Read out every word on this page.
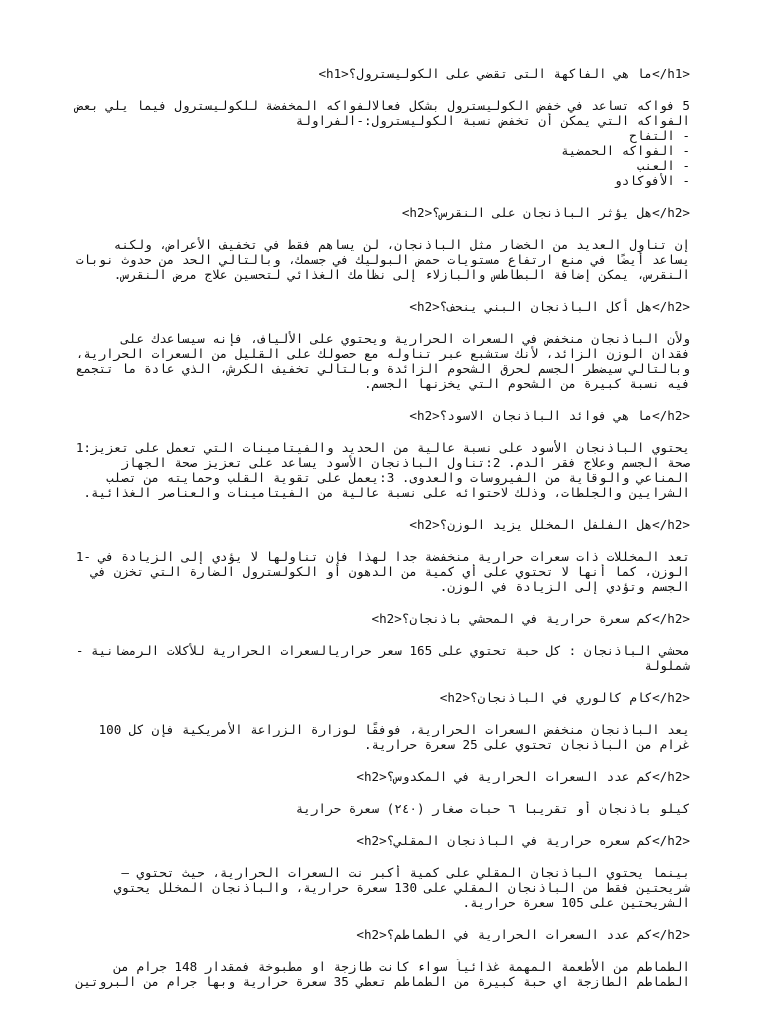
<h1>ما هي الفاكهة التى تقضي على الكوليسترول؟</h1>
5 فواكه تساعد في خفض الكوليسترول بشكل فعالالفواكه المخفضة للكوليسترول فيما يلي بعض
الفواكه التي يمكن أن تخفض نسبة الكوليسترول:-الفراولة
- التفاح
- الفواكه الحمضية
- العنب
- الأفوكادو
<h2>هل يؤثر الباذنجان على النقرس؟</h2>
إن تناول العديد من الخضار مثل الباذنجان، لن يساهم فقط في تخفيف الأعراض، ولكنه
يساعد أيضًا في منع ارتفاع مستويات حمض البوليك في جسمك، وبالتالي الحد من حدوث نوبات
النقرس، يمكن إضافة البطاطس والبازلاء إلى نظامك الغذائي لتحسين علاج مرض النقرس.
<h2>هل أكل الباذنجان البني ينحف؟</h2>
ولأن الباذنجان منخفض في السعرات الحرارية ويحتوي على الألياف، فإنه سيساعدك على
فقدان الوزن الزائد، لأنك ستشبع عبر تناوله مع حصولك على القليل من السعرات الحرارية،
وبالتالي سيضطر الجسم لحرق الشحوم الزائدة وبالتالي تخفيف الكرش، الذي عادة ما تتجمع
فيه نسبة كبيرة من الشحوم التي يخزنها الجسم.
<h2>ما هي فوائد الباذنجان الاسود؟</h2>
يحتوي الباذنجان الأسود على نسبة عالية من الحديد والفيتامينات التي تعمل على تعزيز:1
صحة الجسم وعلاج فقر الدم. 2:تناول الباذنجان الأسود يساعد على تعزيز صحة الجهاز
المناعي والوقاية من الفيروسات والعدوى. 3:يعمل على تقوية القلب وحمايته من تصلب
الشرايين والجلطات، وذلك لاحتوائه على نسبة عالية من الفيتامينات والعناصر الغذائية.
<h2>هل الفلفل المخلل يزيد الوزن؟</h2>
تعد المخللات ذات سعرات حرارية منخفضة جدا لهذا فإن تناولها لا يؤدي إلى الزيادة في -1
الوزن، كما أنها لا تحتوي على أي كمية من الدهون أو الكولسترول الضارة التي تخزن في
الجسم وتؤدي إلى الزيادة في الوزن.
<h2>كم سعرة حرارية في المحشي باذنجان؟</h2>
محشي الباذنجان : كل حبة تحتوي على 165 سعر حراريالسعرات الحرارية للأكلات الرمضانية -
شملولة
<h2>كام كالوري في الباذنجان؟</h2>
يعد الباذنجان منخفض السعرات الحرارية، فوفقًا لوزارة الزراعة الأمريكية فإن كل 100
غرام من الباذنجان تحتوي على 25 سعرة حرارية.
<h2>كم عدد السعرات الحرارية في المكدوس؟</h2>
كيلو باذنجان أو تقريبا ٦ حبات صغار (٢٤٠) سعرة حرارية
<h2>كم سعره حرارية في الباذنجان المقلي؟</h2>
بينما يحتوي الباذنجان المقلي على كمية أكبر نت السعرات الحرارية، حيث تحتوي –
شريحتين فقط من الباذنجان المقلي على 130 سعرة حرارية، والباذنجان المخلل يحتوي
الشريحتين على 105 سعرة حرارية.
<h2>كم عدد السعرات الحرارية في الطماطم؟</h2>
الطماطم من الأطعمة المهمة غذائياً سواء كانت طازجة او مطبوخة فمقدار 148 جرام من
الطماطم الطازجة اي حبة كبيرة من الطماطم تعطي 35 سعرة حرارية وبها جرام من البروتين
